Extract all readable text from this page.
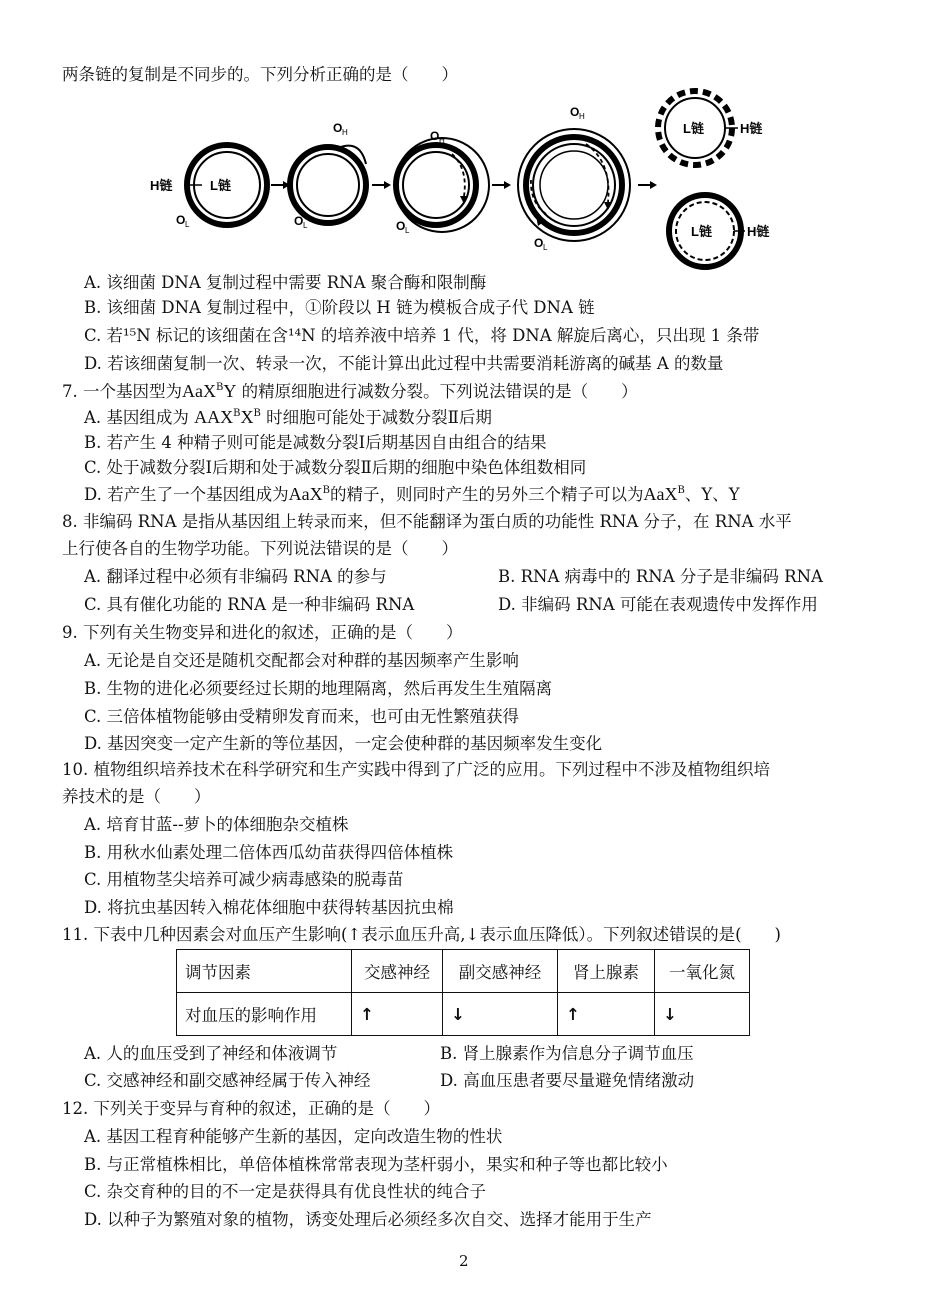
两条链的复制是不同步的。下列分析正确的是（　　）
H链	L链
O L
O H
O L
O H
O L
O H
O L
L链	H链
L链	H链
A. 该细菌 DNA 复制过程中需要 RNA 聚合酶和限制酶
B. 该细菌 DNA 复制过程中，①阶段以 H 链为模板合成子代 DNA 链
C. 若¹⁵N 标记的该细菌在含¹⁴N 的培养液中培养 1 代，将 DNA 解旋后离心，只出现 1 条带
D. 若该细菌复制一次、转录一次，不能计算出此过程中共需要消耗游离的碱基 A 的数量
7. 一个基因型为AaX$^B$Y 的精原细胞进行减数分裂。下列说法错误的是（　　）
A. 基因组成为 $AAX^BX^B$ 时细胞可能处于减数分裂Ⅱ后期
B. 若产生 4 种精子则可能是减数分裂Ⅰ后期基因自由组合的结果
C. 处于减数分裂Ⅰ后期和处于减数分裂Ⅱ后期的细胞中染色体组数相同
D. 若产生了一个基因组成为AaX$^B$的精子，则同时产生的另外三个精子可以为AaX$^B$、Y、Y
8. 非编码 RNA 是指从基因组上转录而来，但不能翻译为蛋白质的功能性 RNA 分子，在 RNA 水平
上行使各自的生物学功能。下列说法错误的是（　　）
A. 翻译过程中必须有非编码 RNA 的参与	B. RNA 病毒中的 RNA 分子是非编码 RNA
C. 具有催化功能的 RNA 是一种非编码 RNA	D. 非编码 RNA 可能在表观遗传中发挥作用
9. 下列有关生物变异和进化的叙述，正确的是（　　）
A. 无论是自交还是随机交配都会对种群的基因频率产生影响
B. 生物的进化必须要经过长期的地理隔离，然后再发生生殖隔离
C. 三倍体植物能够由受精卵发育而来，也可由无性繁殖获得
D. 基因突变一定产生新的等位基因，一定会使种群的基因频率发生变化
10. 植物组织培养技术在科学研究和生产实践中得到了广泛的应用。下列过程中不涉及植物组织培
养技术的是（　　）
A. 培育甘蓝--萝卜的体细胞杂交植株
B. 用秋水仙素处理二倍体西瓜幼苗获得四倍体植株
C. 用植物茎尖培养可减少病毒感染的脱毒苗
D. 将抗虫基因转入棉花体细胞中获得转基因抗虫棉
11. 下表中几种因素会对血压产生影响(↑表示血压升高,↓表示血压降低）。下列叙述错误的是(　　)
调节因素	交感神经	副交感神经	肾上腺素	一氧化氮
对血压的影响作用	↑	↓	↑	↓
A. 人的血压受到了神经和体液调节	B. 肾上腺素作为信息分子调节血压
C. 交感神经和副交感神经属于传入神经	D. 高血压患者要尽量避免情绪激动
12. 下列关于变异与育种的叙述，正确的是（　　）
A. 基因工程育种能够产生新的基因，定向改造生物的性状
B. 与正常植株相比，单倍体植株常常表现为茎杆弱小，果实和种子等也都比较小
C. 杂交育种的目的不一定是获得具有优良性状的纯合子
D. 以种子为繁殖对象的植物，诱变处理后必须经多次自交、选择才能用于生产
2
